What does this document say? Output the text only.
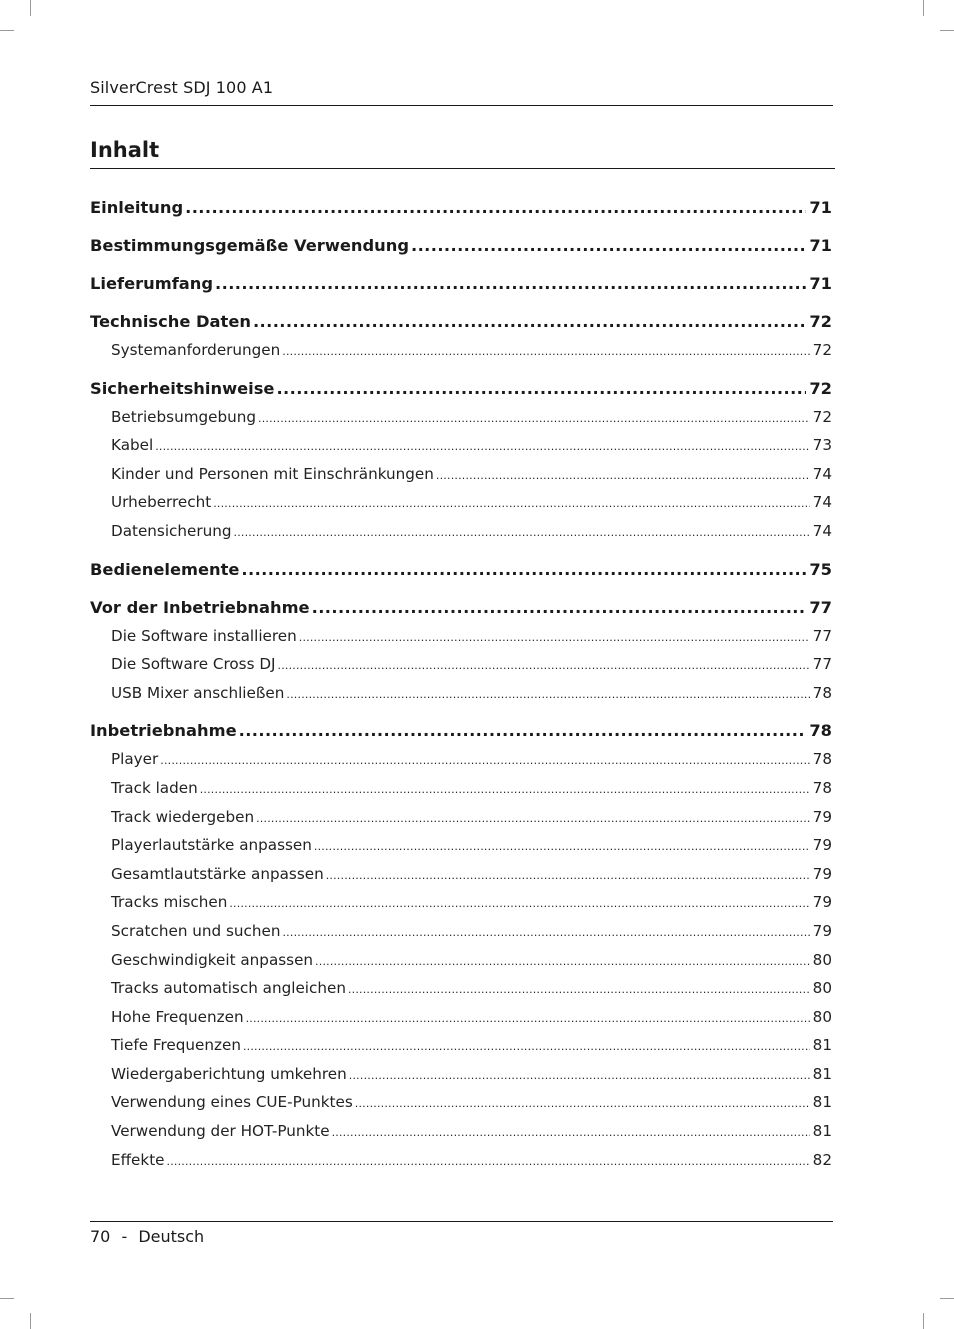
SilverCrest SDJ 100 A1
Inhalt
Einleitung .....	71
Bestimmungsgemäße Verwendung .....	71
Lieferumfang .....	71
Technische Daten .....	72
Systemanforderungen .....	72
Sicherheitshinweise .....	72
Betriebsumgebung .....	72
Kabel .....	73
Kinder und Personen mit Einschränkungen .....	74
Urheberrecht .....	74
Datensicherung .....	74
Bedienelemente .....	75
Vor der Inbetriebnahme .....	77
Die Software installieren .....	77
Die Software Cross DJ .....	77
USB Mixer anschließen .....	78
Inbetriebnahme .....	78
Player .....	78
Track laden .....	78
Track wiedergeben .....	79
Playerlautstärke anpassen .....	79
Gesamtlautstärke anpassen .....	79
Tracks mischen .....	79
Scratchen und suchen .....	79
Geschwindigkeit anpassen .....	80
Tracks automatisch angleichen .....	80
Hohe Frequenzen .....	80
Tiefe Frequenzen .....	81
Wiedergaberichtung umkehren .....	81
Verwendung eines CUE-Punktes .....	81
Verwendung der HOT-Punkte .....	81
Effekte .....	82
70 - Deutsch
